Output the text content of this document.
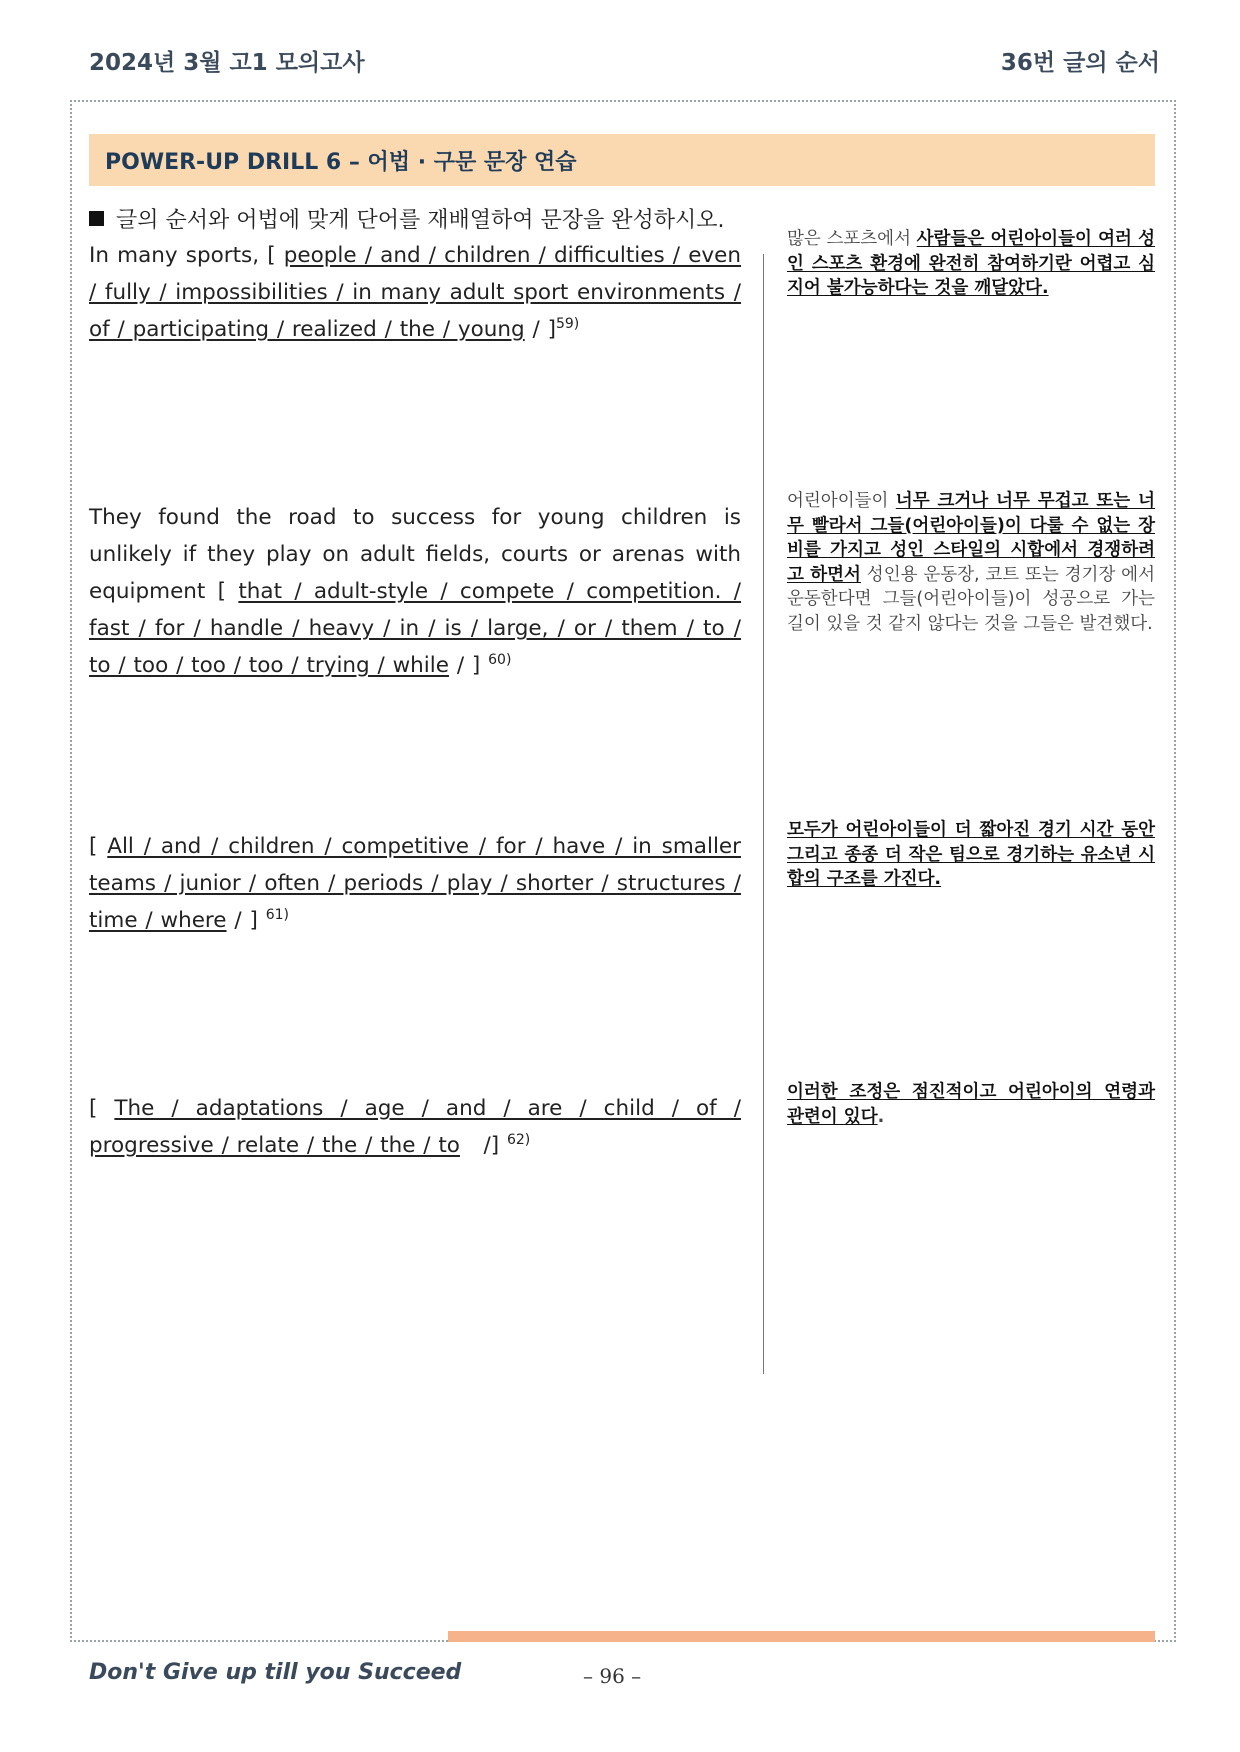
2024년 3월 고1 모의고사	36번 글의 순서
POWER-UP DRILL 6 – 어법 · 구문 문장 연습
글의 순서와 어법에 맞게 단어를 재배열하여 문장을 완성하시오.
In many sports, [ people / and / children / difficulties / even / fully / impossibilities / in many adult sport environments / of / participating / realized / the / young / ]$^{59)}$
많은 스포츠에서 사람들은 어린아이들이 여러 성인 스포츠 환경에 완전히 참여하기란 어렵고 심지어 불가능하다는 것을 깨달았다.
They found the road to success for young children is unlikely if they play on adult fields, courts or arenas with equipment [ that / adult-style / compete / competition. / fast / for / handle / heavy / in / is / large, / or / them / to / to / too / too / too / trying / while / ] $^{60)}$
어린아이들이 너무 크거나 너무 무겁고 또는 너무 빨라서 그들(어린아이들)이 다룰 수 없는 장비를 가지고 성인 스타일의 시합에서 경쟁하려고 하면서 성인용 운동장, 코트 또는 경기장 에서 운동한다면 그들(어린아이들)이 성공으로 가는 길이 있을 것 같지 않다는 것을 그들은 발견했다.
[ All / and / children / competitive / for / have / in smaller teams / junior / often / periods / play / shorter / structures / time / where / ] $^{61)}$
모두가 어린아이들이 더 짧아진 경기 시간 동안 그리고 종종 더 작은 팀으로 경기하는 유소년 시합의 구조를 가진다.
[ The / adaptations / age / and / are / child / of / progressive / relate / the / the / to   /] $^{62)}$
이러한 조정은 점진적이고 어린아이의 연령과 관련이 있다.
Don't Give up till you Succeed	– 96 –
